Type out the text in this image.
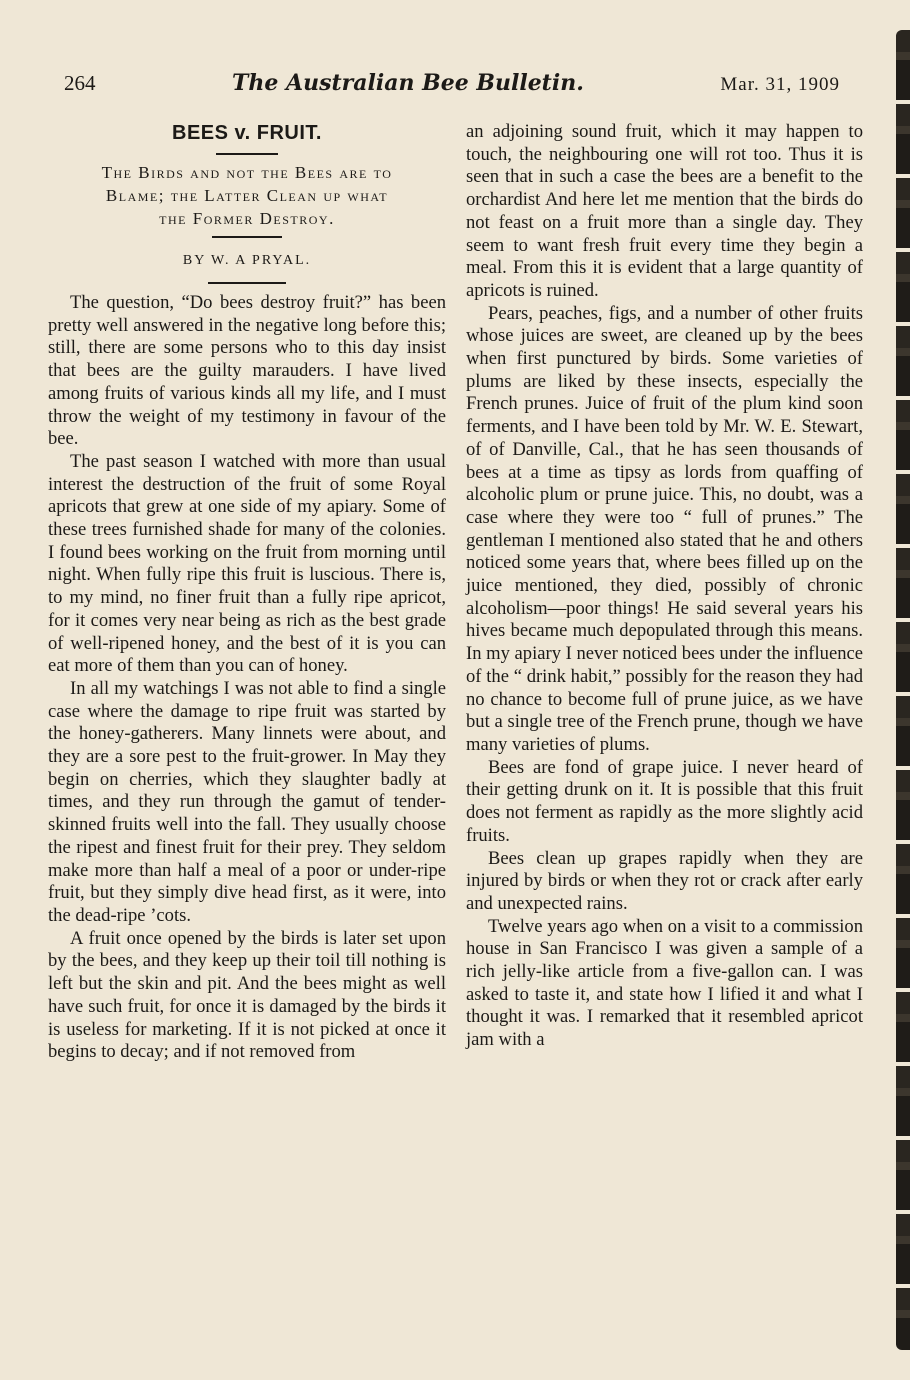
264	The Australian Bee Bulletin.	Mar. 31, 1909
BEES v. FRUIT.
The Birds and not the Bees are to
Blame; the Latter Clean up what
the Former Destroy.
BY W. A PRYAL.

The question, “Do bees destroy fruit?” has been pretty well answered in the negative long before this; still, there are some persons who to this day insist that bees are the guilty marauders. I have lived among fruits of various kinds all my life, and I must throw the weight of my testimony in favour of the bee.

The past season I watched with more than usual interest the destruction of the fruit of some Royal apricots that grew at one side of my apiary. Some of these trees furnished shade for many of the colonies. I found bees working on the fruit from morning until night. When fully ripe this fruit is luscious. There is, to my mind, no finer fruit than a fully ripe apricot, for it comes very near being as rich as the best grade of well-ripened honey, and the best of it is you can eat more of them than you can of honey.

In all my watchings I was not able to find a single case where the damage to ripe fruit was started by the honey-gatherers. Many linnets were about, and they are a sore pest to the fruit-grower. In May they begin on cherries, which they slaughter badly at times, and they run through the gamut of tender-skinned fruits well into the fall. They usually choose the ripest and finest fruit for their prey. They seldom make more than half a meal of a poor or under-ripe fruit, but they simply dive head first, as it were, into the dead-ripe ’cots.

A fruit once opened by the birds is later set upon by the bees, and they keep up their toil till nothing is left but the skin and pit. And the bees might as well have such fruit, for once it is damaged by the birds it is useless for marketing. If it is not picked at once it begins to decay; and if not removed from

an adjoining sound fruit, which it may happen to touch, the neighbouring one will rot too. Thus it is seen that in such a case the bees are a benefit to the orchardist And here let me mention that the birds do not feast on a fruit more than a single day. They seem to want fresh fruit every time they begin a meal. From this it is evident that a large quantity of apricots is ruined.

Pears, peaches, figs, and a number of other fruits whose juices are sweet, are cleaned up by the bees when first punctured by birds. Some varieties of plums are liked by these insects, especially the French prunes. Juice of fruit of the plum kind soon ferments, and I have been told by Mr. W. E. Stewart, of of Danville, Cal., that he has seen thousands of bees at a time as tipsy as lords from quaffing of alcoholic plum or prune juice. This, no doubt, was a case where they were too “ full of prunes.” The gentleman I mentioned also stated that he and others noticed some years that, where bees filled up on the juice mentioned, they died, possibly of chronic alcoholism—poor things! He said several years his hives became much depopulated through this means. In my apiary I never noticed bees under the influence of the “ drink habit,” possibly for the reason they had no chance to become full of prune juice, as we have but a single tree of the French prune, though we have many varieties of plums.

Bees are fond of grape juice. I never heard of their getting drunk on it. It is possible that this fruit does not ferment as rapidly as the more slightly acid fruits.

Bees clean up grapes rapidly when they are injured by birds or when they rot or crack after early and unexpected rains.

Twelve years ago when on a visit to a commission house in San Francisco I was given a sample of a rich jelly-like article from a five-gallon can. I was asked to taste it, and state how I lified it and what I thought it was. I remarked that it resembled apricot jam with a
